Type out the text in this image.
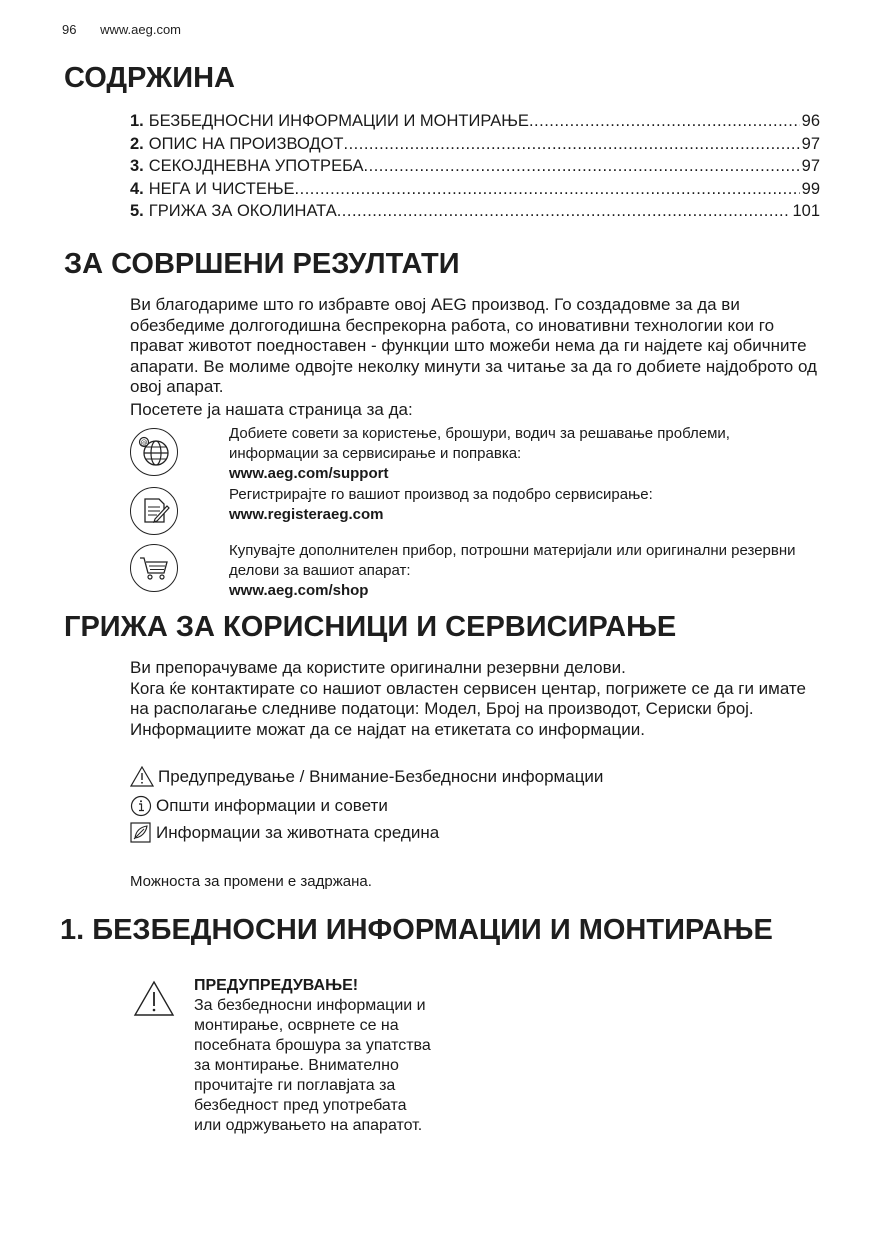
96 www.aeg.com
СОДРЖИНА
1. БЕЗБЕДНОСНИ ИНФОРМАЦИИ И МОНТИРАЊЕ .....	96
2. ОПИС НА ПРОИЗВОДОТ .....	97
3. СЕКОЈДНЕВНА УПОТРЕБА .....	97
4. НЕГА И ЧИСТЕЊЕ .....	99
5. ГРИЖА ЗА ОКОЛИНАТА .....	101
ЗА СОВРШЕНИ РЕЗУЛТАТИ

Ви благодариме што го избравте овој AEG производ. Го создадовме за да ви обезбедиме долгогодишна беспрекорна работа, со иновативни технологии кои го прават животот поедноставен - функции што можеби нема да ги најдете кај обичните апарати. Ве молиме одвојте неколку минути за читање за да го добиете најдоброто од овој апарат.

Посетете ја нашата страница за да:

@
Добиете совети за користење, брошури, водич за решавање проблеми, информации за сервисирање и поправка:
www.aeg.com/support
Регистрирајте го вашиот производ за подобро сервисирање:
www.registeraeg.com
Купувајте дополнителен прибор, потрошни материјали или оригинални резервни делови за вашиот апарат:
www.aeg.com/shop
ГРИЖА ЗА КОРИСНИЦИ И СЕРВИСИРАЊЕ

Ви препорачуваме да користите оригинални резервни делови.

Кога ќе контактирате со нашиот овластен сервисен центар, погрижете се да ги имате на располагање следниве податоци: Модел, Број на производот, Сериски број.

Информациите можат да се најдат на етикетата со информации.

Предупредување / Внимание-Безбедносни информации
Општи информации и совети
Информации за животната средина
Можноста за промени е задржана.
1. БЕЗБЕДНОСНИ ИНФОРМАЦИИ И МОНТИРАЊЕ
ПРЕДУПРЕДУВАЊЕ!
За безбедносни информации и монтирање, осврнете се на посебната брошура за упатства за монтирање. Внимателно прочитајте ги поглавјата за безбедност пред употребата или одржувањето на апаратот.
